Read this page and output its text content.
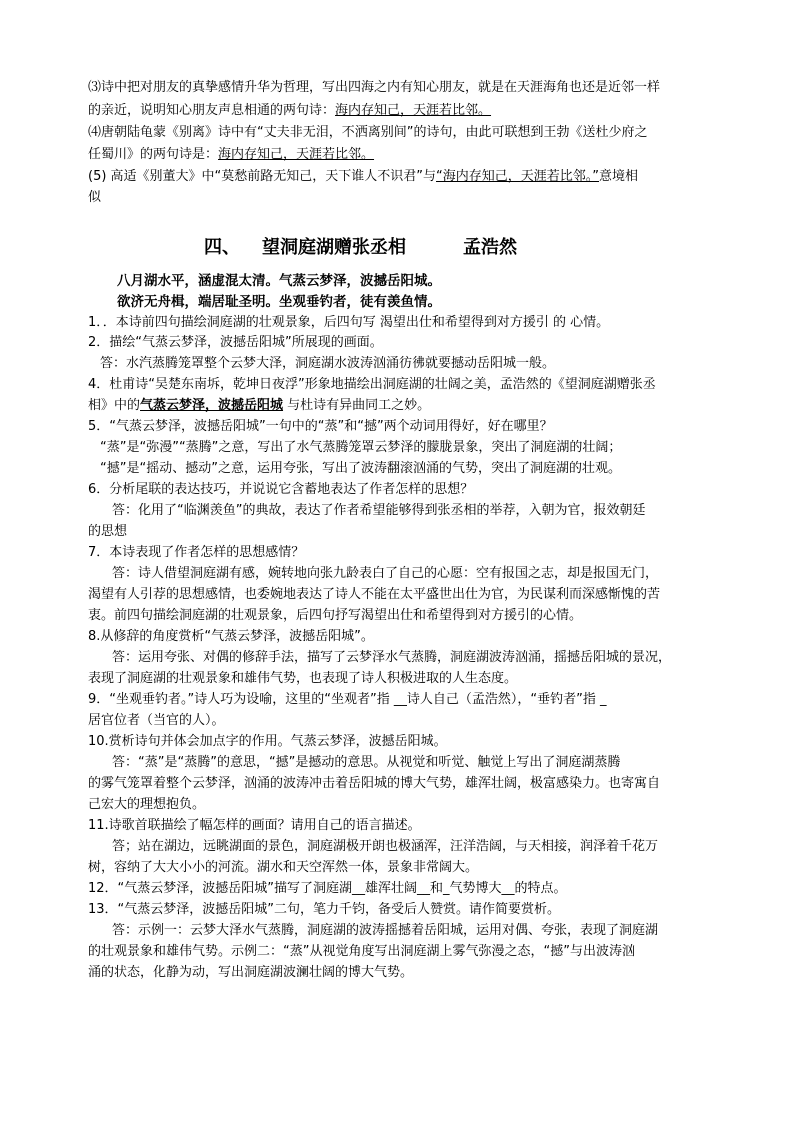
⑶诗中把对朋友的真挚感情升华为哲理，写出四海之内有知心朋友，就是在天涯海角也还是近邻一样
的亲近，说明知心朋友声息相通的两句诗：海内存知己，天涯若比邻。
⑷唐朝陆龟蒙《别离》诗中有“丈夫非无泪，不洒离别间”的诗句，由此可联想到王勃《送杜少府之
任蜀川》的两句诗是：海内存知己，天涯若比邻。
(5) 高适《别董大》中“莫愁前路无知己，天下谁人不识君”与“海内存知己，天涯若比邻。”意境相
似
四、 望洞庭湖赠张丞相	孟浩然
八月湖水平，涵虚混太清。气蒸云梦泽，波撼岳阳城。
欲济无舟楫，端居耻圣明。坐观垂钓者，徒有羡鱼情。
1．．本诗前四句描绘洞庭湖的壮观景象，后四句写 渴望出仕和希望得到对方援引 的 心情。
2．描绘“气蒸云梦泽，波撼岳阳城”所展现的画面。
答：水汽蒸腾笼罩整个云梦大泽，洞庭湖水波涛汹涌彷彿就要撼动岳阳城一般。
4．杜甫诗“吴楚东南坼，乾坤日夜浮”形象地描绘出洞庭湖的壮阔之美，孟浩然的《望洞庭湖赠张丞
相》中的气蒸云梦泽，波撼岳阳城 与杜诗有异曲同工之妙。
5．“气蒸云梦泽，波撼岳阳城”一句中的“蒸”和“撼”两个动词用得好，好在哪里？
“蒸”是“弥漫”“蒸腾”之意，写出了水气蒸腾笼罩云梦泽的朦胧景象，突出了洞庭湖的壮阔；
“撼”是“摇动、撼动”之意，运用夸张，写出了波涛翻滚汹涌的气势，突出了洞庭湖的壮观。
6．分析尾联的表达技巧，并说说它含蓄地表达了作者怎样的思想？
答：化用了“临渊羡鱼”的典故，表达了作者希望能够得到张丞相的举荐，入朝为官，报效朝廷
的思想
7．本诗表现了作者怎样的思想感情？
答：诗人借望洞庭湖有感，婉转地向张九龄表白了自己的心愿：空有报国之志，却是报国无门，
渴望有人引荐的思想感情，也委婉地表达了诗人不能在太平盛世出仕为官，为民谋利而深感惭愧的苦
衷。前四句描绘洞庭湖的壮观景象，后四句抒写渴望出仕和希望得到对方援引的心情。
8.从修辞的角度赏析“气蒸云梦泽，波撼岳阳城”。
答：运用夸张、对偶的修辞手法，描写了云梦泽水气蒸腾，洞庭湖波涛汹涌，摇撼岳阳城的景况，
表现了洞庭湖的壮观景象和雄伟气势，也表现了诗人积极进取的人生态度。
9．“坐观垂钓者。”诗人巧为设喻，这里的“坐观者”指 __诗人自己（孟浩然），“垂钓者”指 _
居官位者（当官的人）。
10.赏析诗句并体会加点字的作用。气蒸云梦泽，波撼岳阳城。
答：“蒸”是“蒸腾”的意思，“撼”是撼动的意思。从视觉和听觉、触觉上写出了洞庭湖蒸腾
的雾气笼罩着整个云梦泽，汹涌的波涛冲击着岳阳城的博大气势，雄浑壮阔，极富感染力。也寄寓自
己宏大的理想抱负。
11.诗歌首联描绘了幅怎样的画面？请用自己的语言描述。
答；站在湖边，远眺湖面的景色，洞庭湖极开朗也极涵浑，汪洋浩阔，与天相接，润泽着千花万
树，容纳了大大小小的河流。湖水和天空浑然一体，景象非常阔大。
12．“气蒸云梦泽，波撼岳阳城”描写了洞庭湖__雄浑壮阔__和_气势博大__的特点。
13．“气蒸云梦泽，波撼岳阳城”二句，笔力千钧，备受后人赞赏。请作简要赏析。
答：示例一：云梦大泽水气蒸腾，洞庭湖的波涛摇撼着岳阳城，运用对偶、夸张，表现了洞庭湖
的壮观景象和雄伟气势。示例二：“蒸”从视觉角度写出洞庭湖上雾气弥漫之态，“撼”与出波涛汹
涌的状态，化静为动，写出洞庭湖波澜壮阔的博大气势。
